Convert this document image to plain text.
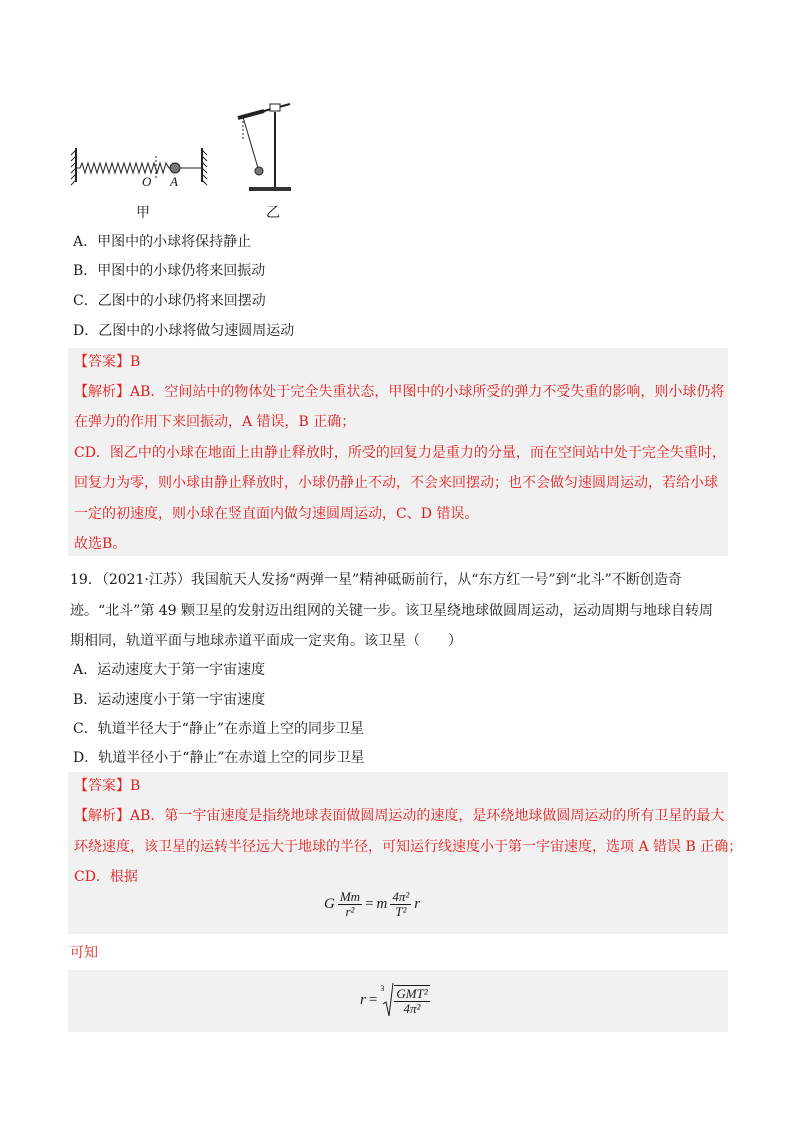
O A
甲	乙
A．甲图中的小球将保持静止
B．甲图中的小球仍将来回振动
C．乙图中的小球仍将来回摆动
D．乙图中的小球将做匀速圆周运动
【答案】B
【解析】AB．空间站中的物体处于完全失重状态，甲图中的小球所受的弹力不受失重的影响，则小球仍将
在弹力的作用下来回振动，A 错误，B 正确；
CD．图乙中的小球在地面上由静止释放时，所受的回复力是重力的分量，而在空间站中处于完全失重时，
回复力为零，则小球由静止释放时，小球仍静止不动，不会来回摆动；也不会做匀速圆周运动，若给小球
一定的初速度，则小球在竖直面内做匀速圆周运动，C、D 错误。
故选B。
19．（2021·江苏）我国航天人发扬“两弹一星”精神砥砺前行，从“东方红一号”到“北斗”不断创造奇
迹。“北斗”第 49 颗卫星的发射迈出组网的关键一步。该卫星绕地球做圆周运动，运动周期与地球自转周
期相同，轨道平面与地球赤道平面成一定夹角。该卫星（　　）
A．运动速度大于第一宇宙速度
B．运动速度小于第一宇宙速度
C．轨道半径大于“静止”在赤道上空的同步卫星
D．轨道半径小于“静止”在赤道上空的同步卫星
【答案】B
【解析】AB．第一宇宙速度是指绕地球表面做圆周运动的速度，是环绕地球做圆周运动的所有卫星的最大
环绕速度，该卫星的运转半径远大于地球的半径，可知运行线速度小于第一宇宙速度，选项 A 错误 B 正确；
CD．根据
G $\frac{Mm}{\text{r²}} = m \frac{\text{4π²}}{\text{T²}}$ r
可知
r =
$3 \frac{\text{GMT²}}{\text{4π²}}$
